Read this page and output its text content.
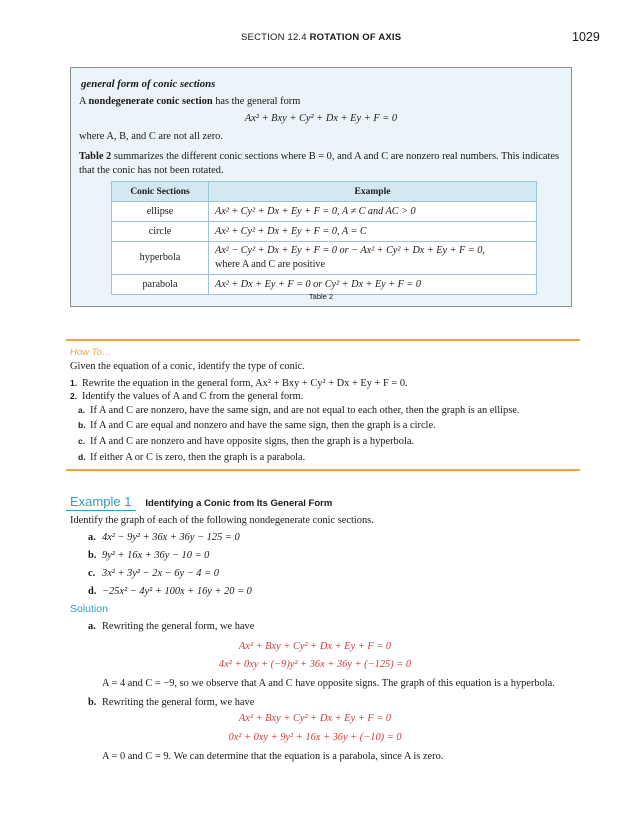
SECTION 12.4 ROTATION OF AXIS	1029
general form of conic sections
A nondegenerate conic section has the general form
Ax² + Bxy + Cy² + Dx + Ey + F = 0
where A, B, and C are not all zero.
Table 2 summarizes the different conic sections where B = 0, and A and C are nonzero real numbers. This indicates that the conic has not been rotated.
Conic Sections	Example
ellipse	Ax² + Cy² + Dx + Ey + F = 0, A ≠ C and AC > 0
circle	Ax² + Cy² + Dx + Ey + F = 0, A = C
hyperbola	Ax² − Cy² + Dx + Ey + F = 0 or − Ax² + Cy² + Dx + Ey + F = 0,
where A and C are positive

parabola	Ax² + Dx + Ey + F = 0 or Cy² + Dx + Ey + F = 0
Table 2
How To…
Given the equation of a conic, identify the type of conic.
1. Rewrite the equation in the general form, Ax² + Bxy + Cy² + Dx + Ey + F = 0.
2. Identify the values of A and C from the general form.
a. If A and C are nonzero, have the same sign, and are not equal to each other, then the graph is an ellipse.
b. If A and C are equal and nonzero and have the same sign, then the graph is a circle.
c. If A and C are nonzero and have opposite signs, then the graph is a hyperbola.
d. If either A or C is zero, then the graph is a parabola.
Example 1 Identifying a Conic from Its General Form
Identify the graph of each of the following nondegenerate conic sections.
a. 4x² − 9y² + 36x + 36y − 125 = 0
b. 9y² + 16x + 36y − 10 = 0
c. 3x² + 3y² − 2x − 6y − 4 = 0
d. −25x² − 4y² + 100x + 16y + 20 = 0
Solution
a. Rewriting the general form, we have
Ax² + Bxy + Cy² + Dx + Ey + F = 0
4x² + 0xy + (−9)y² + 36x + 36y + (−125) = 0
A = 4 and C = −9, so we observe that A and C have opposite signs. The graph of this equation is a hyperbola.
b. Rewriting the general form, we have
Ax² + Bxy + Cy² + Dx + Ey + F = 0
0x² + 0xy + 9y² + 16x + 36y + (−10) = 0
A = 0 and C = 9. We can determine that the equation is a parabola, since A is zero.
